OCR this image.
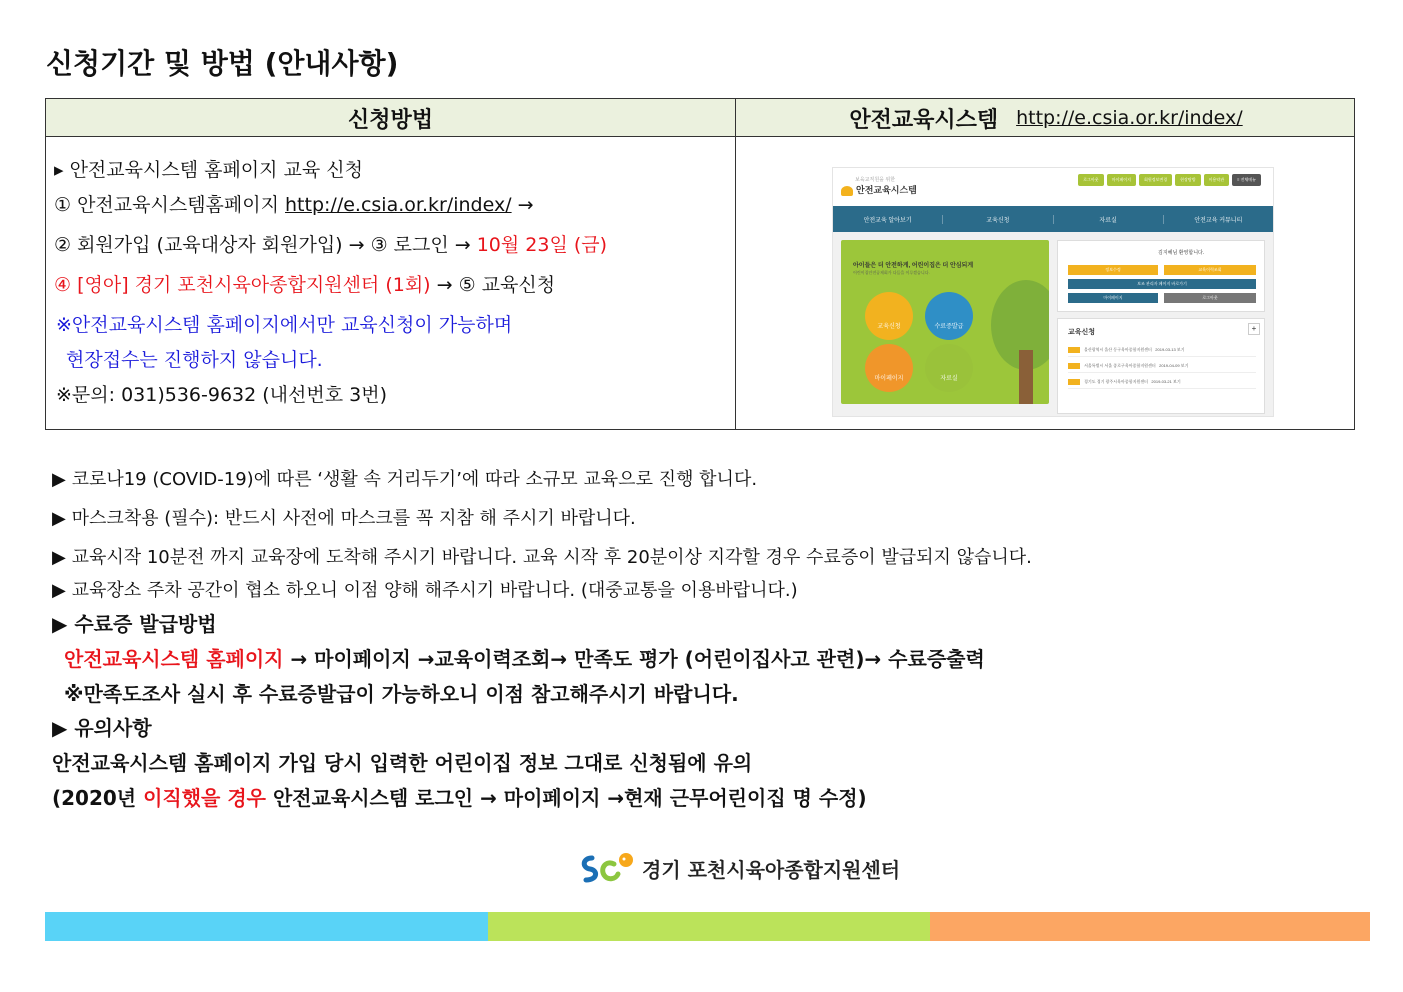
신청기간 및 방법 (안내사항)
신청방법	안전교육시스템 http://e.csia.or.kr/index/
▸ 안전교육시스템 홈페이지 교육 신청
① 안전교육시스템홈페이지 http://e.csia.or.kr/index/ →
② 회원가입 (교육대상자 회원가입) → ③ 로그인 → 10월 23일 (금)
④ [영아] 경기 포천시육아종합지원센터 (1회) → ⑤ 교육신청
※안전교육시스템 홈페이지에서만 교육신청이 가능하며
현장접수는 진행하지 않습니다.
※문의: 031)536-9632 (내선번호 3번)
보육교직원을 위한
안전교육시스템
로그아웃	마이페이지	회원정보변경	현장탐방	이용약관	≡ 전체메뉴
안전교육 알아보기	교육신청	자료실	안전교육 커뮤니티
아이들은 더 안전하게, 어린이집은 더 안심되게
어린이집안전공제회가 다듬을 이루겠습니다.
교육신청	수료증발급
마이페이지	자료실
김지혜님 환영합니다.
정보수정	교육이력조회
보조 관리자 페이지 바로가기
마이페이지	로그아웃
교육신청	+
울산광역시 울산 동구육아종합지원센터 2019-03-13 보기
서울특별시 서울 종로구육아종합지원센터 2019-04-09 보기
경기도 경기 광주시육아종합지원센터 2019-03-21 보기
▶ 코로나19 (COVID-19)에 따른 ‘생활 속 거리두기’에 따라 소규모 교육으로 진행 합니다.
▶ 마스크착용 (필수): 반드시 사전에 마스크를 꼭 지참 해 주시기 바랍니다.
▶ 교육시작 10분전 까지 교육장에 도착해 주시기 바랍니다. 교육 시작 후 20분이상 지각할 경우 수료증이 발급되지 않습니다.
▶ 교육장소 주차 공간이 협소 하오니 이점 양해 해주시기 바랍니다. (대중교통을 이용바랍니다.)
▶ 수료증 발급방법
안전교육시스템 홈페이지 → 마이페이지 →교육이력조회→ 만족도 평가 (어린이집사고 관련)→ 수료증출력
※만족도조사 실시 후 수료증발급이 가능하오니 이점 참고해주시기 바랍니다.
▶ 유의사항
안전교육시스템 홈페이지 가입 당시 입력한 어린이집 정보 그대로 신청됨에 유의
(2020년 이직했을 경우 안전교육시스템 로그인 → 마이페이지 →현재 근무어린이집 명 수정)
경기 포천시육아종합지원센터
